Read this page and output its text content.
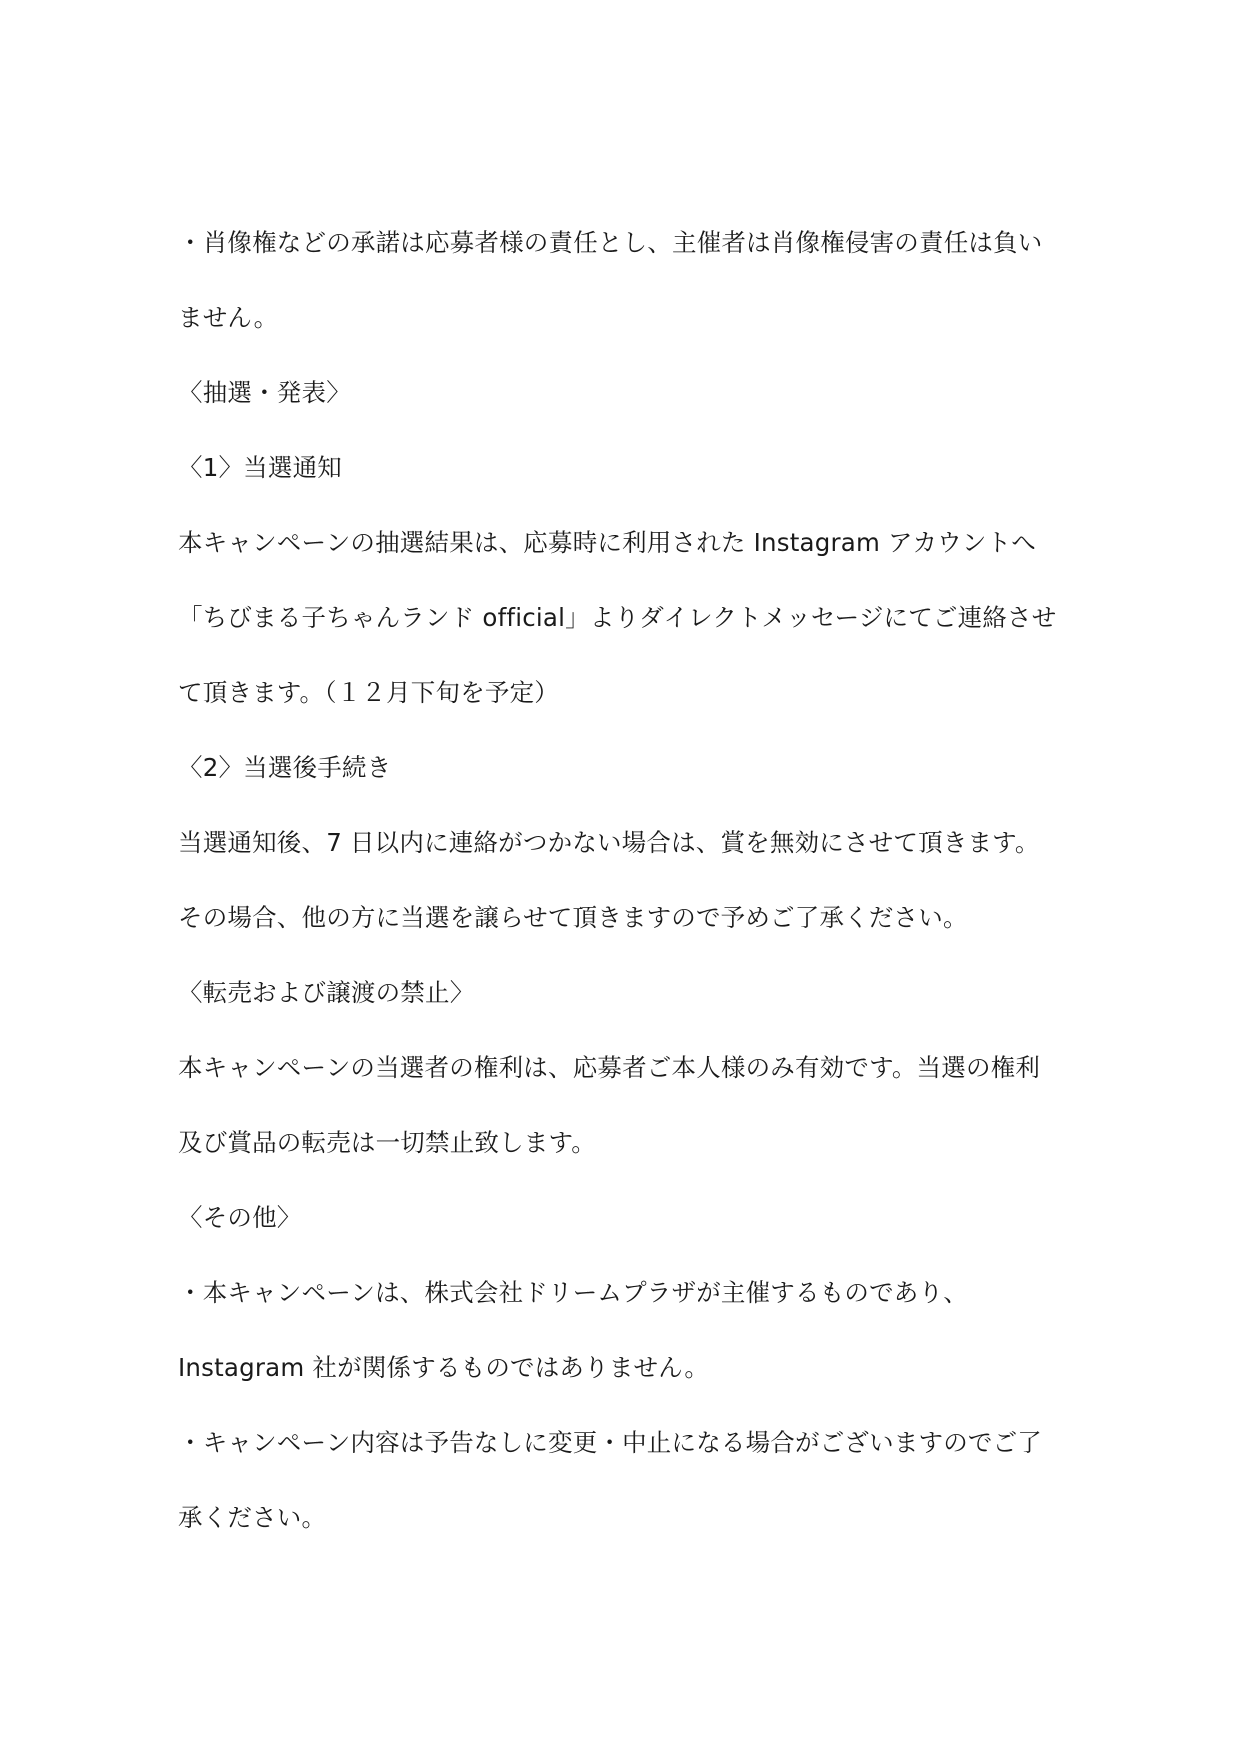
・肖像権などの承諾は応募者様の責任とし、主催者は肖像権侵害の責任は負い
ません。
〈抽選・発表〉
〈1〉当選通知
本キャンペーンの抽選結果は、応募時に利用された Instagram アカウントへ
「ちびまる子ちゃんランド official」よりダイレクトメッセージにてご連絡させ
て頂きます。（１２月下旬を予定）
〈2〉当選後手続き
当選通知後、7 日以内に連絡がつかない場合は、賞を無効にさせて頂きます。
その場合、他の方に当選を譲らせて頂きますので予めご了承ください。
〈転売および譲渡の禁止〉
本キャンペーンの当選者の権利は、応募者ご本人様のみ有効です。当選の権利
及び賞品の転売は一切禁止致します。
〈その他〉
・本キャンペーンは、株式会社ドリームプラザが主催するものであり、
Instagram 社が関係するものではありません。
・キャンペーン内容は予告なしに変更・中止になる場合がございますのでご了
承ください。
